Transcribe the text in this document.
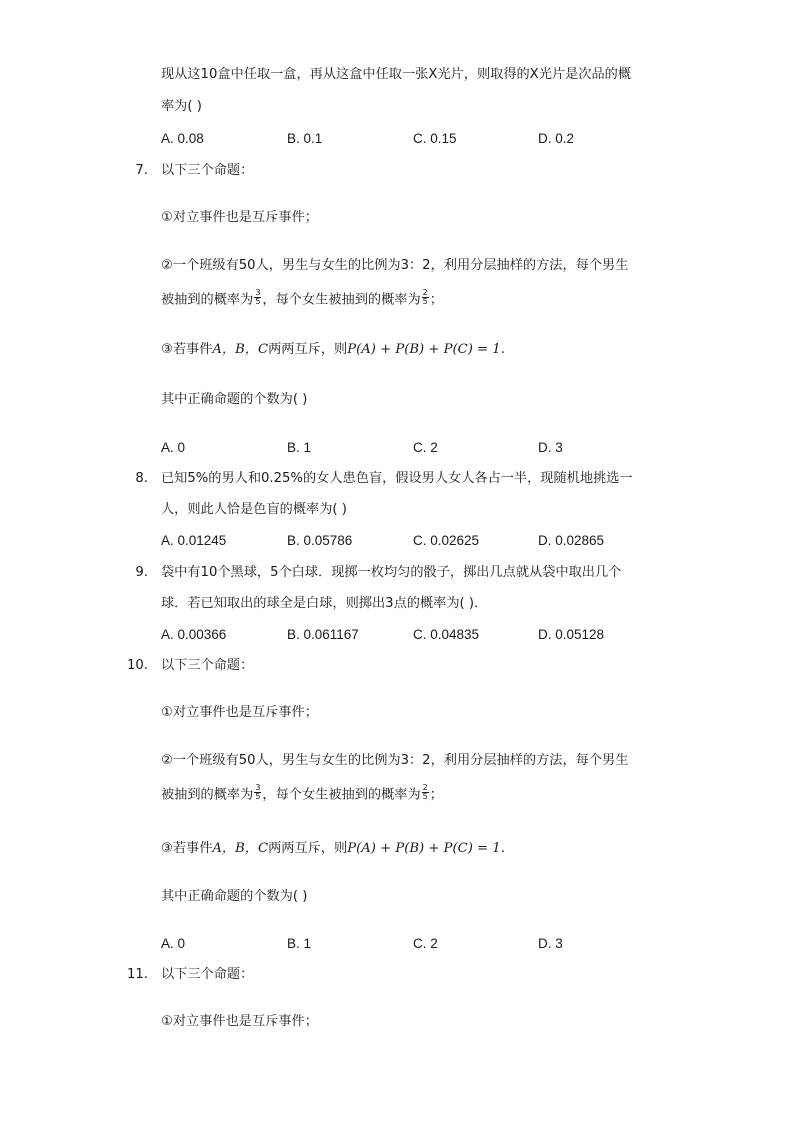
现从这10盒中任取一盒，再从这盒中任取一张X光片，则取得的X光片是次品的概
率为( )
A. 0.08	B. 0.1	C. 0.15	D. 0.2
7. 以下三个命题：
①对立事件也是互斥事件；
②一个班级有50人，男生与女生的比例为3：2，利用分层抽样的方法，每个男生
被抽到的概率为 $\frac{3}{5}$ ，每个女生被抽到的概率为 $\frac{2}{5}$ ；
③若事件A，B，C两两互斥，则P(A) + P(B) + P(C) = 1.
其中正确命题的个数为( )
A. 0	B. 1	C. 2	D. 3
8. 已知5%的男人和0.25%的女人患色盲，假设男人女人各占一半，现随机地挑选一
人，则此人恰是色盲的概率为( )
A. 0.01245	B. 0.05786	C. 0.02625	D. 0.02865
9. 袋中有10个黑球，5个白球．现掷一枚均匀的骰子，掷出几点就从袋中取出几个
球．若已知取出的球全是白球，则掷出3点的概率为( )．
A. 0.00366	B. 0.061167	C. 0.04835	D. 0.05128
10. 以下三个命题：
①对立事件也是互斥事件；
②一个班级有50人，男生与女生的比例为3：2，利用分层抽样的方法，每个男生
被抽到的概率为 $\frac{3}{5}$ ，每个女生被抽到的概率为 $\frac{2}{5}$ ；
③若事件A，B，C两两互斥，则P(A) + P(B) + P(C) = 1.
其中正确命题的个数为( )
A. 0	B. 1	C. 2	D. 3
11. 以下三个命题：
①对立事件也是互斥事件；
